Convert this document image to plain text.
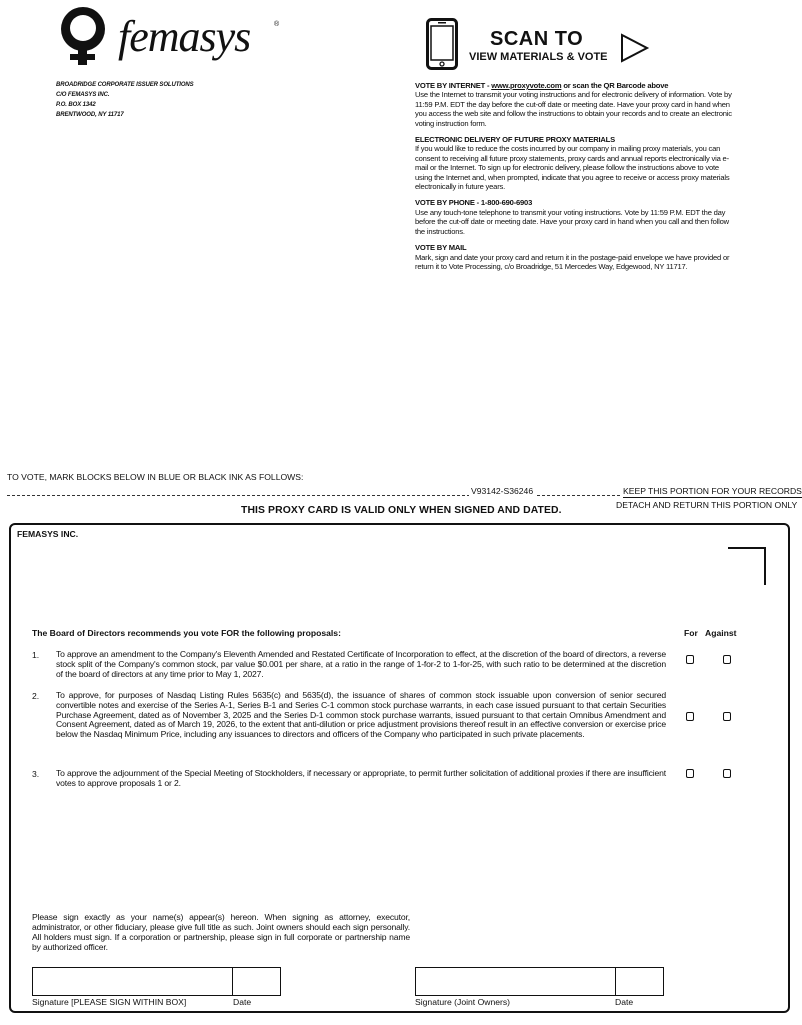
femasys	®
BROADRIDGE CORPORATE ISSUER SOLUTIONS
C/O FEMASYS INC.
P.O. BOX 1342
BRENTWOOD, NY 11717
SCAN TO
VIEW MATERIALS & VOTE

VOTE BY INTERNET - www.proxyvote.com or scan the QR Barcode above

Use the Internet to transmit your voting instructions and for electronic delivery of information. Vote by 11:59 P.M. EDT the day before the cut-off date or meeting date. Have your proxy card in hand when you access the web site and follow the instructions to obtain your records and to create an electronic voting instruction form.

ELECTRONIC DELIVERY OF FUTURE PROXY MATERIALS

If you would like to reduce the costs incurred by our company in mailing proxy materials, you can consent to receiving all future proxy statements, proxy cards and annual reports electronically via e-mail or the Internet. To sign up for electronic delivery, please follow the instructions above to vote using the Internet and, when prompted, indicate that you agree to receive or access proxy materials electronically in future years.

VOTE BY PHONE - 1-800-690-6903

Use any touch-tone telephone to transmit your voting instructions. Vote by 11:59 P.M. EDT the day before the cut-off date or meeting date. Have your proxy card in hand when you call and then follow the instructions.

VOTE BY MAIL

Mark, sign and date your proxy card and return it in the postage-paid envelope we have provided or return it to Vote Processing, c/o Broadridge, 51 Mercedes Way, Edgewood, NY 11717.

TO VOTE, MARK BLOCKS BELOW IN BLUE OR BLACK INK AS FOLLOWS:
V93142-S36246	KEEP THIS PORTION FOR YOUR RECORDS
DETACH AND RETURN THIS PORTION ONLY
THIS PROXY CARD IS VALID ONLY WHEN SIGNED AND DATED.
FEMASYS INC.
The Board of Directors recommends you vote FOR the following proposals:	For Against
1. To approve an amendment to the Company's Eleventh Amended and Restated Certificate of Incorporation to effect, at the discretion of the board of directors, a reverse stock split of the Company's common stock, par value $0.001 per share, at a ratio in the range of 1-for-2 to 1-for-25, with such ratio to be determined at the discretion of the board of directors at any time prior to May 1, 2027.
2. To approve, for purposes of Nasdaq Listing Rules 5635(c) and 5635(d), the issuance of shares of common stock issuable upon conversion of senior secured convertible notes and exercise of the Series A-1, Series B-1 and Series C-1 common stock purchase warrants, in each case issued pursuant to that certain Securities Purchase Agreement, dated as of November 3, 2025 and the Series D-1 common stock purchase warrants, issued pursuant to that certain Omnibus Amendment and Consent Agreement, dated as of March 19, 2026, to the extent that anti-dilution or price adjustment provisions thereof result in an effective conversion or exercise price below the Nasdaq Minimum Price, including any issuances to directors and officers of the Company who participated in such private placements.
3. To approve the adjournment of the Special Meeting of Stockholders, if necessary or appropriate, to permit further solicitation of additional proxies if there are insufficient votes to approve proposals 1 or 2.
Please sign exactly as your name(s) appear(s) hereon. When signing as attorney, executor, administrator, or other fiduciary, please give full title as such. Joint owners should each sign personally. All holders must sign. If a corporation or partnership, please sign in full corporate or partnership name by authorized officer.
Signature [PLEASE SIGN WITHIN BOX]	Date	Signature (Joint Owners)	Date
